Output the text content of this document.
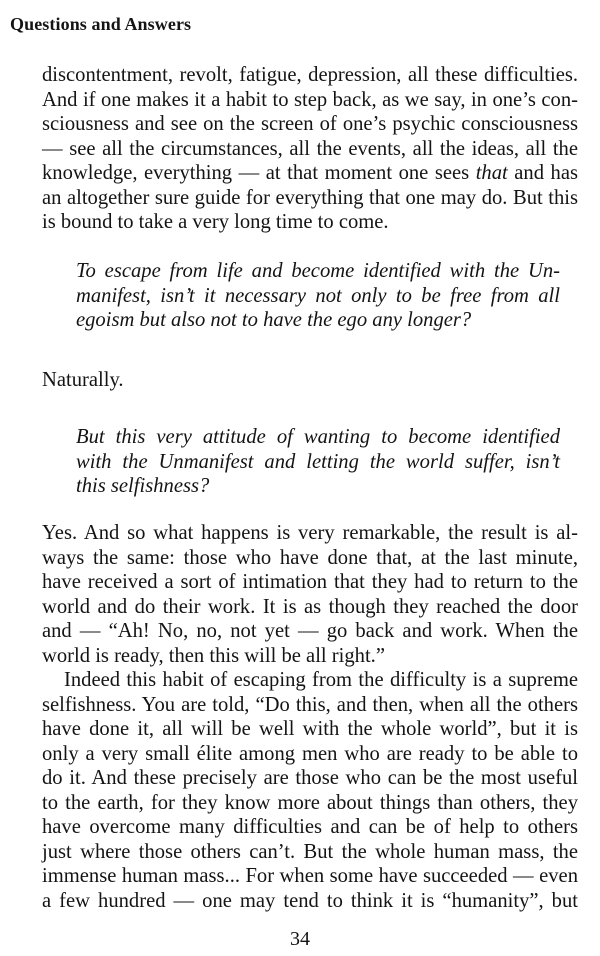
Questions and Answers
discontentment, revolt, fatigue, depression, all these difficulties.
And if one makes it a habit to step back, as we say, in one’s con-
sciousness and see on the screen of one’s psychic consciousness
— see all the circumstances, all the events, all the ideas, all the
knowledge, everything — at that moment one sees that and has
an altogether sure guide for everything that one may do. But this
is bound to take a very long time to come.
To escape from life and become identified with the Un-
manifest, isn’t it necessary not only to be free from all
egoism but also not to have the ego any longer?
Naturally.
But this very attitude of wanting to become identified
with the Unmanifest and letting the world suffer, isn’t
this selfishness?
Yes. And so what happens is very remarkable, the result is al-
ways the same: those who have done that, at the last minute,
have received a sort of intimation that they had to return to the
world and do their work. It is as though they reached the door
and — “Ah! No, no, not yet — go back and work. When the
world is ready, then this will be all right.”
Indeed this habit of escaping from the difficulty is a supreme
selfishness. You are told, “Do this, and then, when all the others
have done it, all will be well with the whole world”, but it is
only a very small élite among men who are ready to be able to
do it. And these precisely are those who can be the most useful
to the earth, for they know more about things than others, they
have overcome many difficulties and can be of help to others
just where those others can’t. But the whole human mass, the
immense human mass... For when some have succeeded — even
a few hundred — one may tend to think it is “humanity”, but
34
